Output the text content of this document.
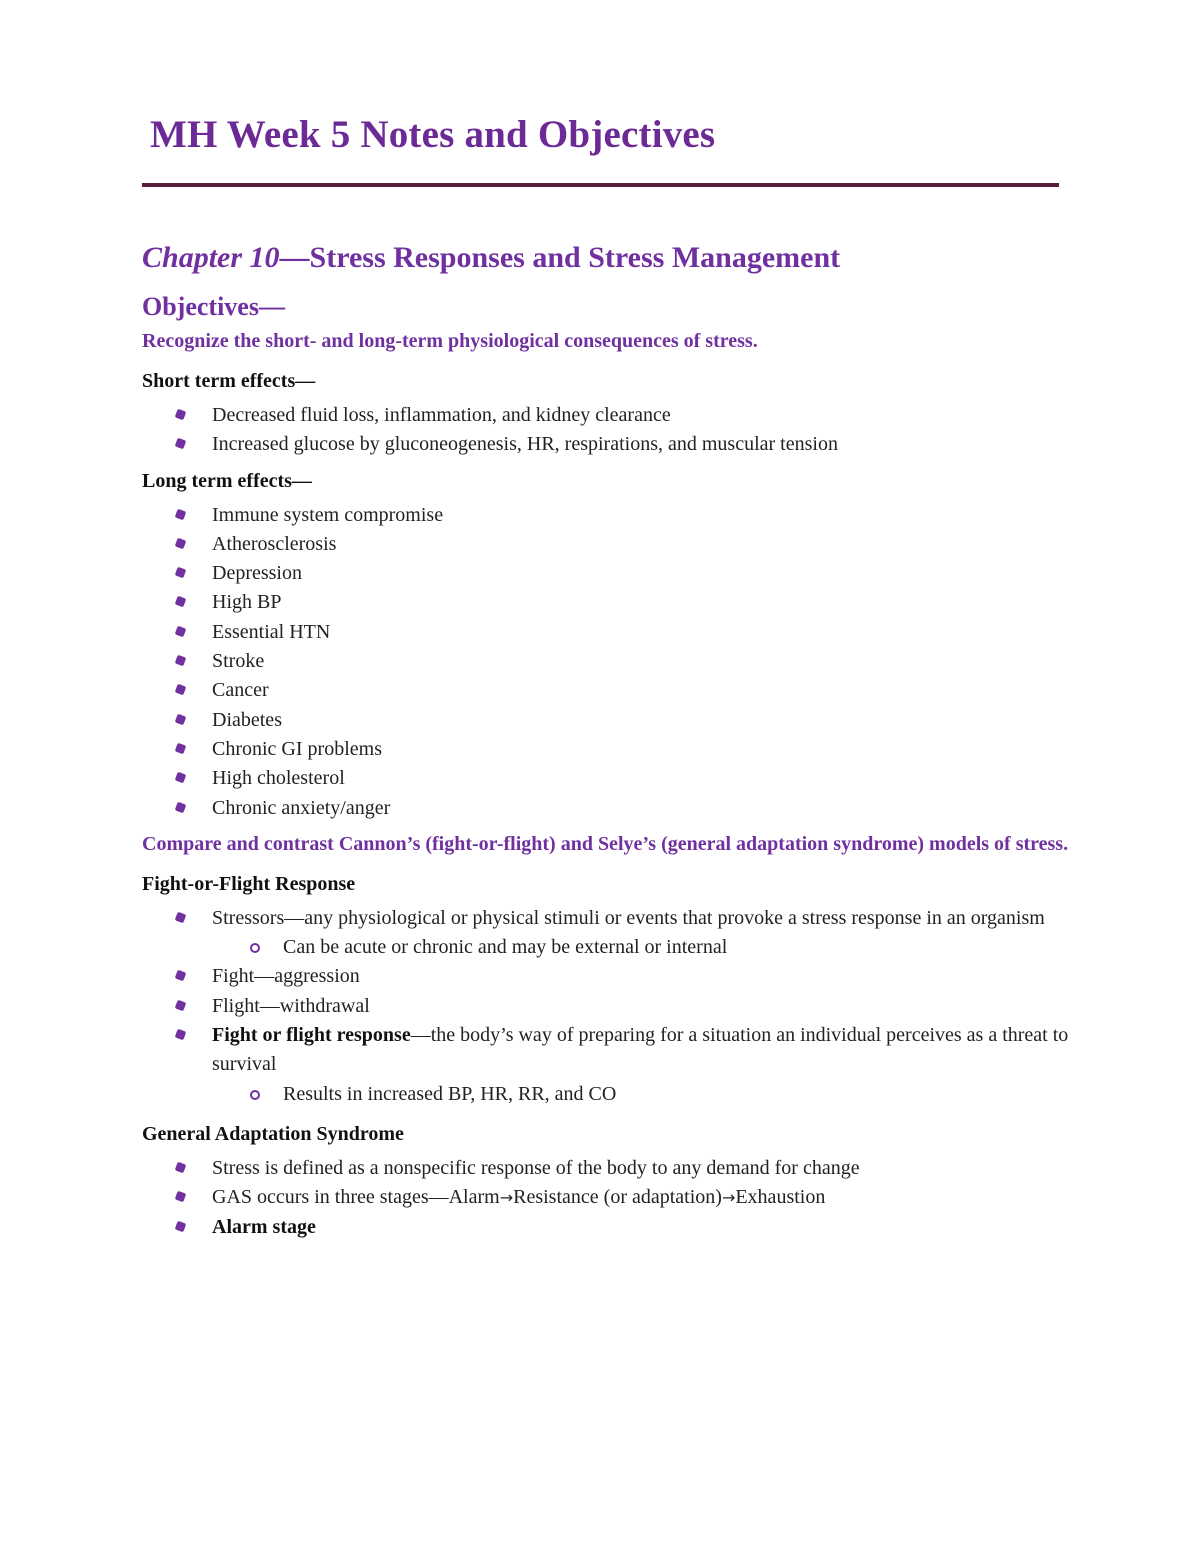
MH Week 5 Notes and Objectives
Chapter 10—Stress Responses and Stress Management
Objectives—
Recognize the short- and long-term physiological consequences of stress.
Short term effects—
Decreased fluid loss, inflammation, and kidney clearance
Increased glucose by gluconeogenesis, HR, respirations, and muscular tension
Long term effects—
Immune system compromise
Atherosclerosis
Depression
High BP
Essential HTN
Stroke
Cancer
Diabetes
Chronic GI problems
High cholesterol
Chronic anxiety/anger
Compare and contrast Cannon’s (fight-or-flight) and Selye’s (general adaptation syndrome) models of stress.
Fight-or-Flight Response
Stressors—any physiological or physical stimuli or events that provoke a stress response in an organism
Can be acute or chronic and may be external or internal
Fight—aggression
Flight—withdrawal
Fight or flight response—the body’s way of preparing for a situation an individual perceives as a threat to survival
Results in increased BP, HR, RR, and CO
General Adaptation Syndrome
Stress is defined as a nonspecific response of the body to any demand for change
GAS occurs in three stages—Alarm→Resistance (or adaptation)→Exhaustion
Alarm stage
